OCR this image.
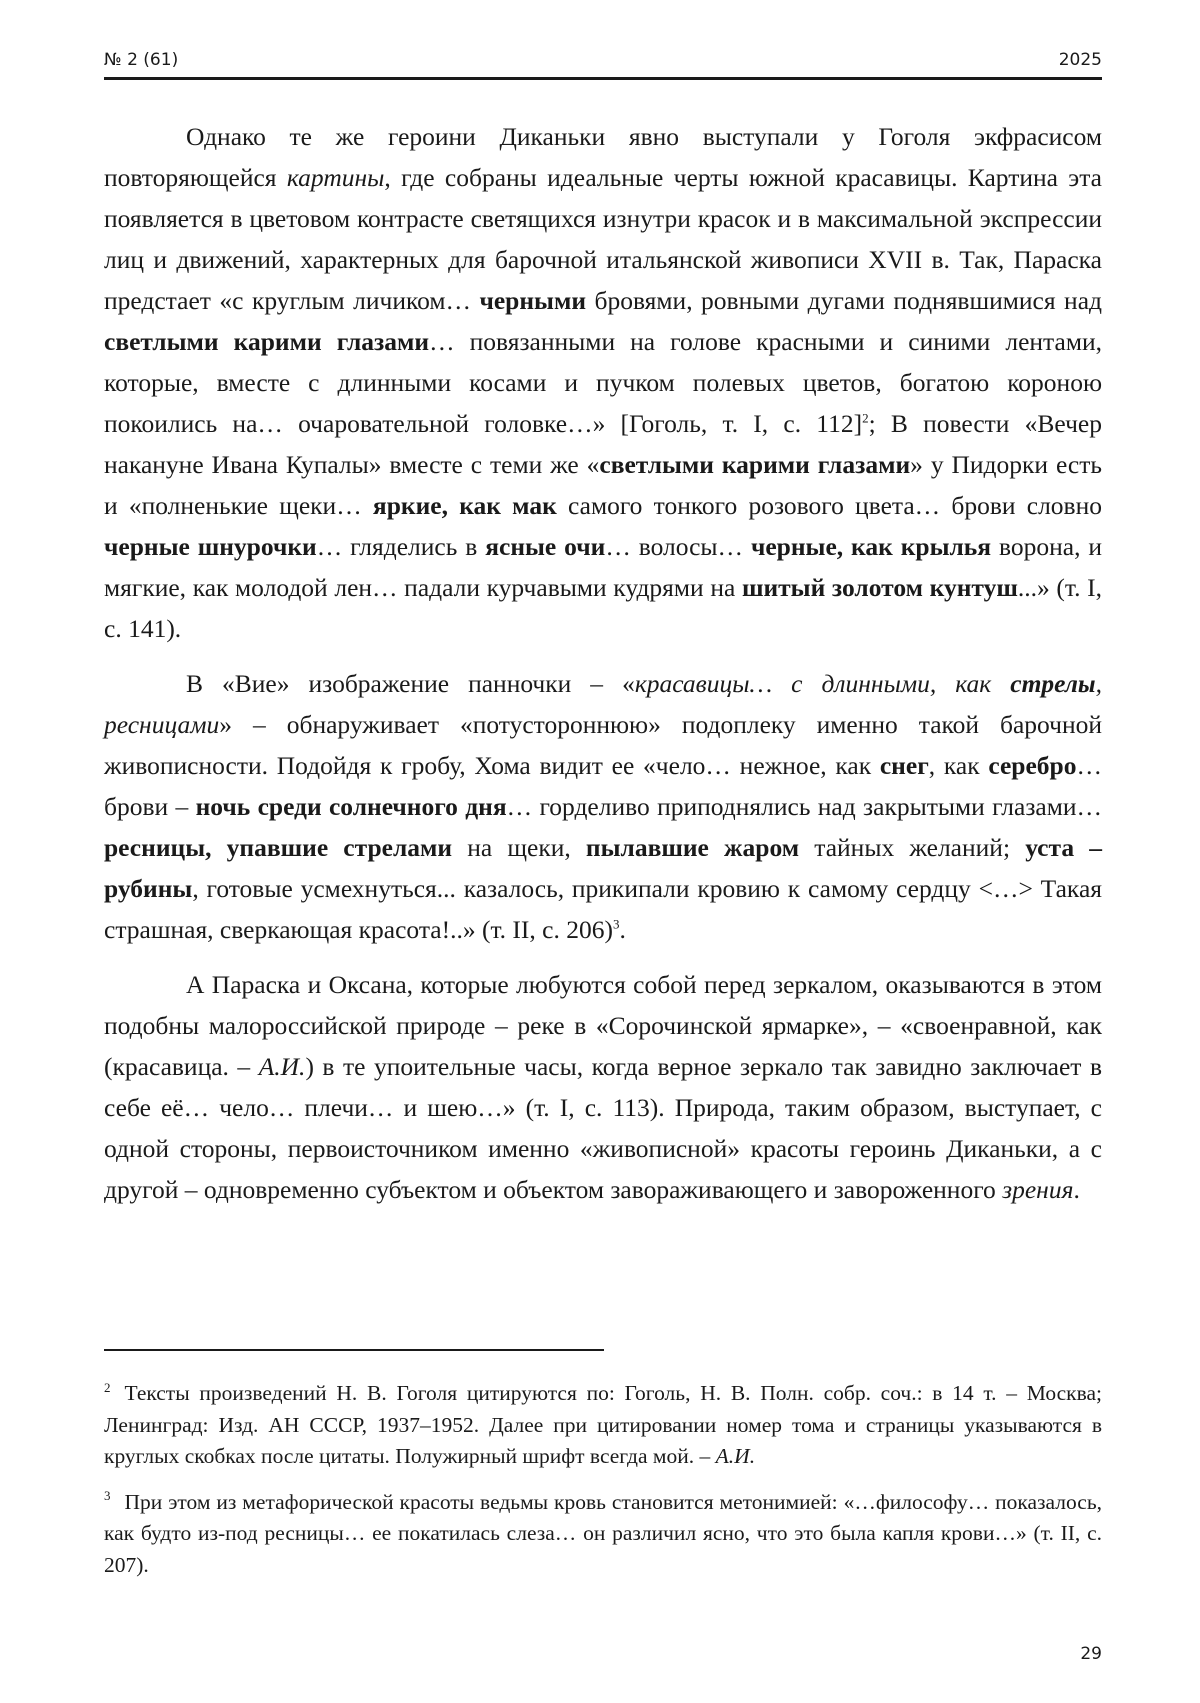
№ 2 (61)	2025

Однако те же героини Диканьки явно выступали у Гоголя экфрасисом повторяющейся картины, где собраны идеальные черты южной красавицы. Картина эта появляется в цветовом контрасте светящихся изнутри красок и в максимальной экспрессии лиц и движений, характерных для барочной итальянской живописи XVII в. Так, Параска предстает «с круглым личиком… черными бровями, ровными дугами поднявшимися над светлыми карими глазами… повязанными на голове красными и синими лентами, которые, вместе с длинными косами и пучком полевых цветов, богатою короною покоились на… очаровательной головке…» [Гоголь, т. I, с. 112]$^2$; В повести «Вечер накануне Ивана Купалы» вместе с теми же «светлыми карими глазами» у Пидорки есть и «полненькие щеки… яркие, как мак самого тонкого розового цвета… брови словно черные шнурочки… гляделись в ясные очи… волосы… черные, как крылья ворона, и мягкие, как молодой лен… падали курчавыми кудрями на шитый золотом кунтуш...» (т. I, с. 141).

В «Вие» изображение панночки – «красавицы… с длинными, как стрелы, ресницами» – обнаруживает «потустороннюю» подоплеку именно такой барочной живописности. Подойдя к гробу, Хома видит ее «чело… нежное, как снег, как серебро… брови – ночь среди солнечного дня… горделиво приподнялись над закрытыми глазами… ресницы, упавшие стрелами на щеки, пылавшие жаром тайных желаний; уста – рубины, готовые усмехнуться... казалось, прикипали кровию к самому сердцу <…> Такая страшная, сверкающая красота!..» (т. II, с. 206)$^3$.

А Параска и Оксана, которые любуются собой перед зеркалом, оказываются в этом подобны малороссийской природе – реке в «Сорочинской ярмарке», – «своенравной, как (красавица. – А.И.) в те упоительные часы, когда верное зеркало так завидно заключает в себе её… чело… плечи… и шею…» (т. I, с. 113). Природа, таким образом, выступает, с одной стороны, первоисточником именно «живописной» красоты героинь Диканьки, а с другой – одновременно субъектом и объектом завораживающего и завороженного зрения.

$^2$ Тексты произведений Н. В. Гоголя цитируются по: Гоголь, Н. В. Полн. собр. соч.: в 14 т. – Москва; Ленинград: Изд. АН СССР, 1937–1952. Далее при цитировании номер тома и страницы указываются в круглых скобках после цитаты. Полужирный шрифт всегда мой. – А.И.

$^3$ При этом из метафорической красоты ведьмы кровь становится метонимией: «…философу… показалось, как будто из-под ресницы… ее покатилась слеза… он различил ясно, что это была капля крови…» (т. II, с. 207).

29
